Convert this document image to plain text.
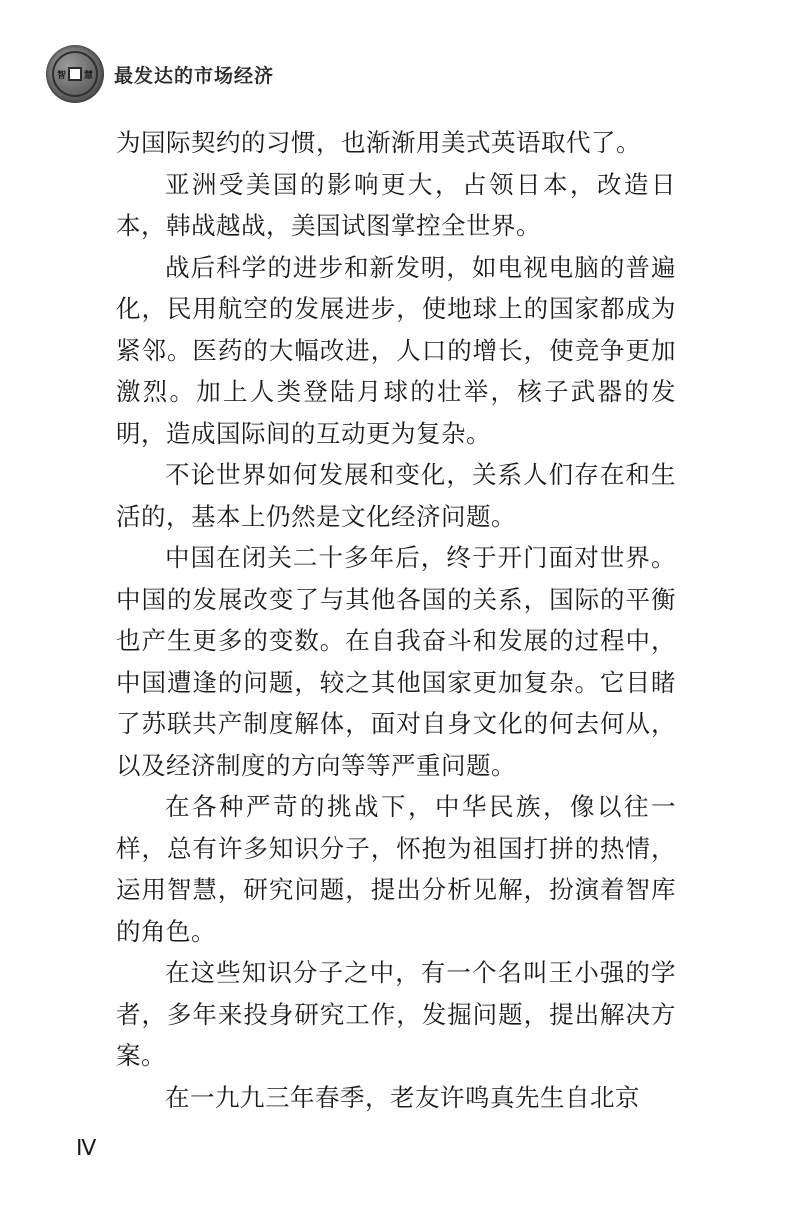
智 慧 最发达的市场经济

为国际契约的习惯，也渐渐用美式英语取代了。

亚洲受美国的影响更大，占领日本，改造日本，韩战越战，美国试图掌控全世界。

战后科学的进步和新发明，如电视电脑的普遍化，民用航空的发展进步，使地球上的国家都成为紧邻。医药的大幅改进，人口的增长，使竞争更加激烈。加上人类登陆月球的壮举，核子武器的发明，造成国际间的互动更为复杂。

不论世界如何发展和变化，关系人们存在和生活的，基本上仍然是文化经济问题。

中国在闭关二十多年后，终于开门面对世界。中国的发展改变了与其他各国的关系，国际的平衡也产生更多的变数。在自我奋斗和发展的过程中，中国遭逢的问题，较之其他国家更加复杂。它目睹了苏联共产制度解体，面对自身文化的何去何从，以及经济制度的方向等等严重问题。

在各种严苛的挑战下，中华民族，像以往一样，总有许多知识分子，怀抱为祖国打拼的热情，运用智慧，研究问题，提出分析见解，扮演着智库的角色。

在这些知识分子之中，有一个名叫王小强的学者，多年来投身研究工作，发掘问题，提出解决方案。

在一九九三年春季，老友许鸣真先生自北京

Ⅳ
